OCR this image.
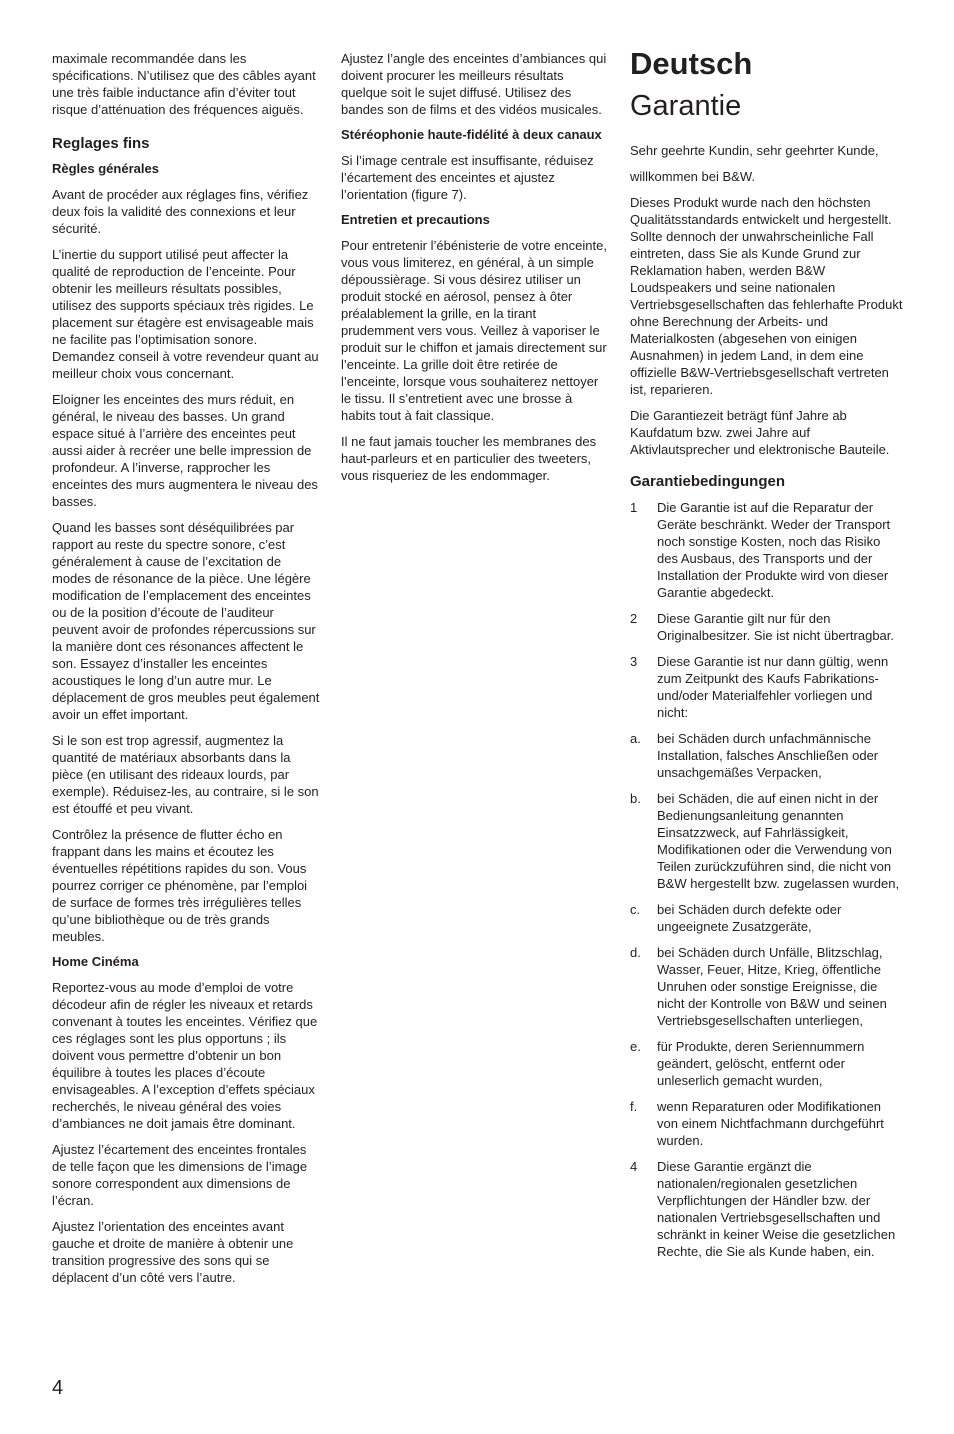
maximale recommandée dans les spécifications. N’utilisez que des câbles ayant une très faible inductance afin d’éviter tout risque d’atténuation des fréquences aiguës.

Reglages fins
Règles générales

Avant de procéder aux réglages fins, vérifiez deux fois la validité des connexions et leur sécurité.

L’inertie du support utilisé peut affecter la qualité de reproduction de l’enceinte. Pour obtenir les meilleurs résultats possibles, utilisez des supports spéciaux très rigides. Le placement sur étagère est envisageable mais ne facilite pas l’optimisation sonore. Demandez conseil à votre revendeur quant au meilleur choix vous concernant.

Eloigner les enceintes des murs réduit, en général, le niveau des basses. Un grand espace situé à l’arrière des enceintes peut aussi aider à recréer une belle impression de profondeur. A l’inverse, rapprocher les enceintes des murs augmentera le niveau des basses.

Quand les basses sont déséquilibrées par rapport au reste du spectre sonore, c’est généralement à cause de l’excitation de modes de résonance de la pièce. Une légère modification de l’emplacement des enceintes ou de la position d’écoute de l’auditeur peuvent avoir de profondes répercussions sur la manière dont ces résonances affectent le son. Essayez d’installer les enceintes acoustiques le long d’un autre mur. Le déplacement de gros meubles peut également avoir un effet important.

Si le son est trop agressif, augmentez la quantité de matériaux absorbants dans la pièce (en utilisant des rideaux lourds, par exemple). Réduisez-les, au contraire, si le son est étouffé et peu vivant.

Contrôlez la présence de flutter écho en frappant dans les mains et écoutez les éventuelles répétitions rapides du son. Vous pourrez corriger ce phénomène, par l’emploi de surface de formes très irrégulières telles qu’une bibliothèque ou de très grands meubles.

Home Cinéma

Reportez-vous au mode d’emploi de votre décodeur afin de régler les niveaux et retards convenant à toutes les enceintes. Vérifiez que ces réglages sont les plus opportuns ; ils doivent vous permettre d’obtenir un bon équilibre à toutes les places d’écoute envisageables. A l’exception d’effets spéciaux recherchés, le niveau général des voies d’ambiances ne doit jamais être dominant.

Ajustez l’écartement des enceintes frontales de telle façon que les dimensions de l’image sonore correspondent aux dimensions de l’écran.

Ajustez l’orientation des enceintes avant gauche et droite de manière à obtenir une transition progressive des sons qui se déplacent d’un côté vers l’autre.

Ajustez l’angle des enceintes d’ambiances qui doivent procurer les meilleurs résultats quelque soit le sujet diffusé. Utilisez des bandes son de films et des vidéos musicales.

Stéréophonie haute-fidélité à deux canaux

Si l’image centrale est insuffisante, réduisez l’écartement des enceintes et ajustez l’orientation (figure 7).

Entretien et precautions

Pour entretenir l’ébénisterie de votre enceinte, vous vous limiterez, en général, à un simple dépoussièrage. Si vous désirez utiliser un produit stocké en aérosol, pensez à ôter préalablement la grille, en la tirant prudemment vers vous. Veillez à vaporiser le produit sur le chiffon et jamais directement sur l’enceinte. La grille doit être retirée de l’enceinte, lorsque vous souhaiterez nettoyer le tissu. Il s’entretient avec une brosse à habits tout à fait classique.

Il ne faut jamais toucher les membranes des haut-parleurs et en particulier des tweeters, vous risqueriez de les endommager.

Deutsch
Garantie

Sehr geehrte Kundin, sehr geehrter Kunde,

willkommen bei B&W.

Dieses Produkt wurde nach den höchsten Qualitätsstandards entwickelt und hergestellt. Sollte dennoch der unwahrscheinliche Fall eintreten, dass Sie als Kunde Grund zur Reklamation haben, werden B&W Loudspeakers und seine nationalen Vertriebsgesellschaften das fehlerhafte Produkt ohne Berechnung der Arbeits- und Materialkosten (abgesehen von einigen Ausnahmen) in jedem Land, in dem eine offizielle B&W-Vertriebsgesellschaft vertreten ist, reparieren.

Die Garantiezeit beträgt fünf Jahre ab Kaufdatum bzw. zwei Jahre auf Aktivlautsprecher und elektronische Bauteile.

Garantiebedingungen
1	Die Garantie ist auf die Reparatur der Geräte beschränkt. Weder der Transport noch sonstige Kosten, noch das Risiko des Ausbaus, des Transports und der Installation der Produkte wird von dieser Garantie abgedeckt.
2	Diese Garantie gilt nur für den Originalbesitzer. Sie ist nicht übertragbar.
3	Diese Garantie ist nur dann gültig, wenn zum Zeitpunkt des Kaufs Fabrikations- und/oder Materialfehler vorliegen und nicht:
a.	bei Schäden durch unfachmännische Installation, falsches Anschließen oder unsachgemäßes Verpacken,
b.	bei Schäden, die auf einen nicht in der Bedienungsanleitung genannten Einsatzzweck, auf Fahrlässigkeit, Modifikationen oder die Verwendung von Teilen zurückzuführen sind, die nicht von B&W hergestellt bzw. zugelassen wurden,
c.	bei Schäden durch defekte oder ungeeignete Zusatzgeräte,
d.	bei Schäden durch Unfälle, Blitzschlag, Wasser, Feuer, Hitze, Krieg, öffentliche Unruhen oder sonstige Ereignisse, die nicht der Kontrolle von B&W und seinen Vertriebsgesellschaften unterliegen,
e.	für Produkte, deren Seriennummern geändert, gelöscht, entfernt oder unleserlich gemacht wurden,
f.	wenn Reparaturen oder Modifikationen von einem Nichtfachmann durchgeführt wurden.
4	Diese Garantie ergänzt die nationalen/regionalen gesetzlichen Verpflichtungen der Händler bzw. der nationalen Vertriebsgesellschaften und schränkt in keiner Weise die gesetzlichen Rechte, die Sie als Kunde haben, ein.
4
